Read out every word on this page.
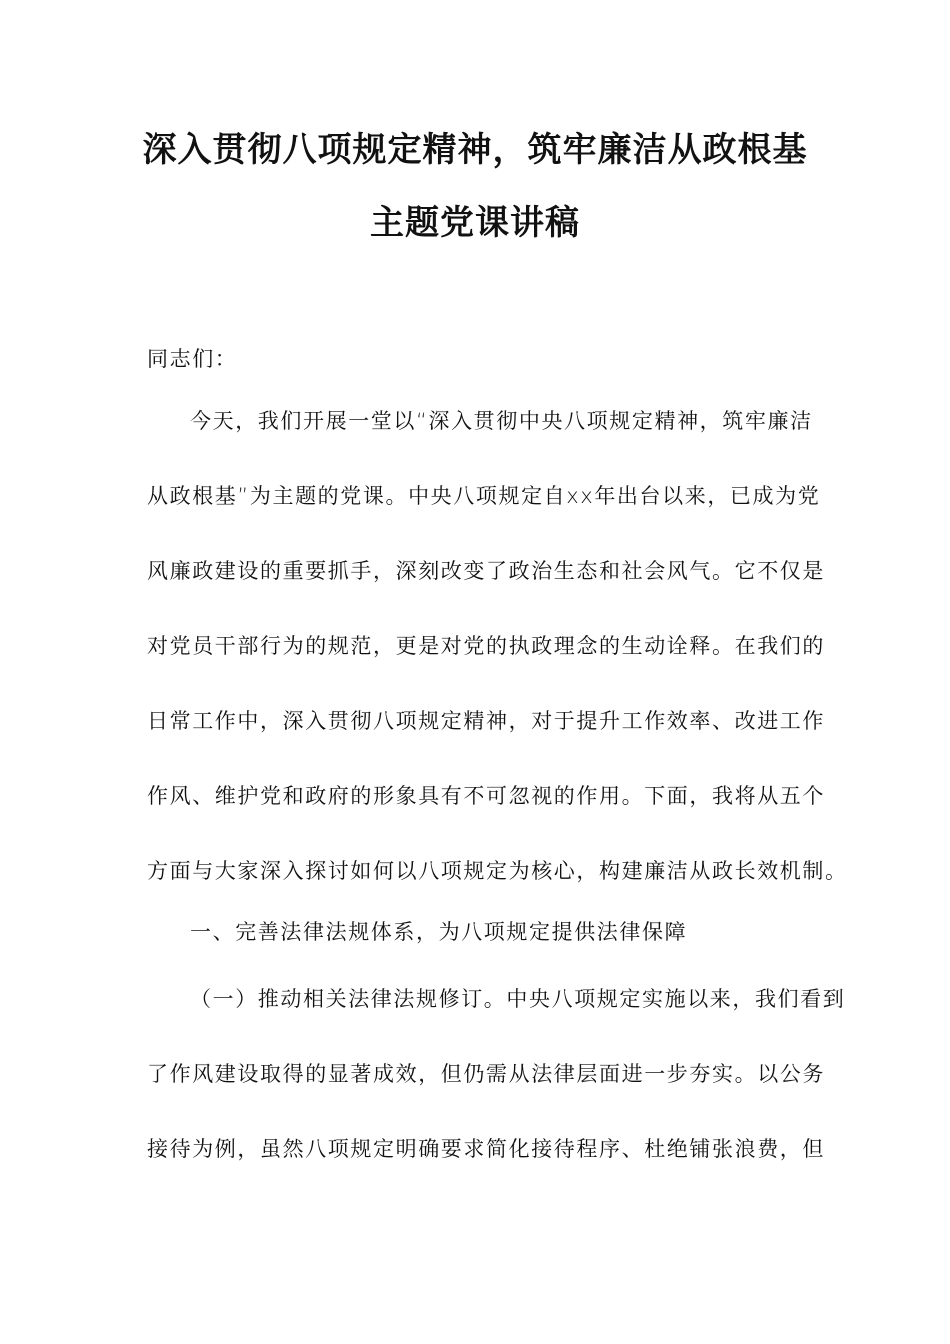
深入贯彻八项规定精神，筑牢廉洁从政根基
主题党课讲稿
同志们：
今天，我们开展一堂以“深入贯彻中央八项规定精神，筑牢廉洁
从政根基”为主题的党课。中央八项规定自xx年出台以来，已成为党
风廉政建设的重要抓手，深刻改变了政治生态和社会风气。它不仅是
对党员干部行为的规范，更是对党的执政理念的生动诠释。在我们的
日常工作中，深入贯彻八项规定精神，对于提升工作效率、改进工作
作风、维护党和政府的形象具有不可忽视的作用。下面，我将从五个
方面与大家深入探讨如何以八项规定为核心，构建廉洁从政长效机制。
一、完善法律法规体系，为八项规定提供法律保障
（一）推动相关法律法规修订。中央八项规定实施以来，我们看到
了作风建设取得的显著成效，但仍需从法律层面进一步夯实。以公务
接待为例，虽然八项规定明确要求简化接待程序、杜绝铺张浪费，但
